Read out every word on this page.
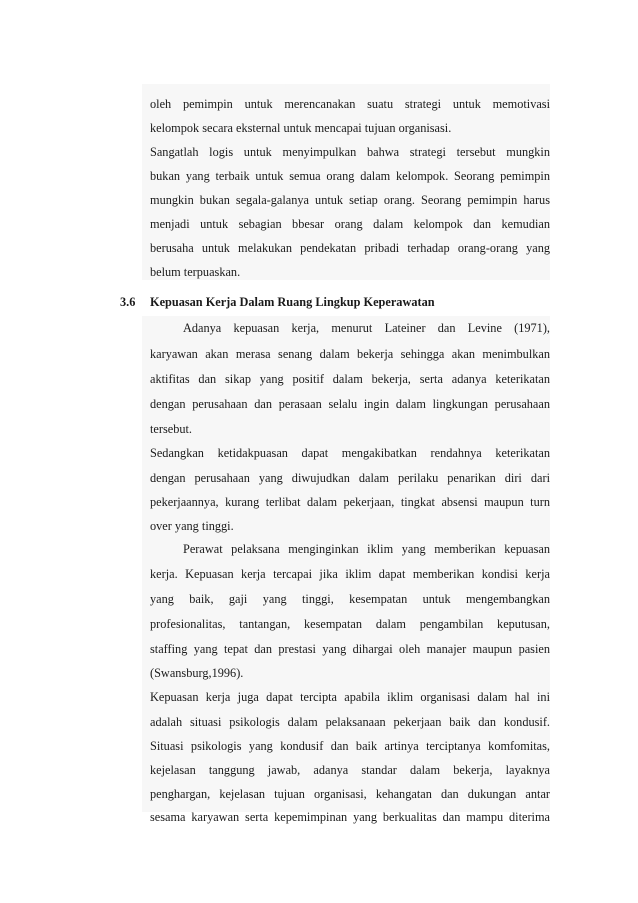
oleh pemimpin untuk merencanakan suatu strategi untuk memotivasi
kelompok secara eksternal untuk mencapai tujuan organisasi.
Sangatlah logis untuk menyimpulkan bahwa strategi tersebut mungkin
bukan yang terbaik untuk semua orang dalam kelompok. Seorang pemimpin
mungkin bukan segala-galanya untuk setiap orang. Seorang pemimpin harus
menjadi untuk sebagian bbesar orang dalam kelompok dan kemudian
berusaha untuk melakukan pendekatan pribadi terhadap orang-orang yang
belum terpuaskan.
3.6 Kepuasan Kerja Dalam Ruang Lingkup Keperawatan
Adanya kepuasan kerja, menurut Lateiner dan Levine (1971),
karyawan akan merasa senang dalam bekerja sehingga akan menimbulkan
aktifitas dan sikap yang positif dalam bekerja, serta adanya keterikatan
dengan perusahaan dan perasaan selalu ingin dalam lingkungan perusahaan
tersebut.
Sedangkan ketidakpuasan dapat mengakibatkan rendahnya keterikatan
dengan perusahaan yang diwujudkan dalam perilaku penarikan diri dari
pekerjaannya, kurang terlibat dalam pekerjaan, tingkat absensi maupun turn
over yang tinggi.
Perawat pelaksana menginginkan iklim yang memberikan kepuasan
kerja. Kepuasan kerja tercapai jika iklim dapat memberikan kondisi kerja
yang baik, gaji yang tinggi, kesempatan untuk mengembangkan
profesionalitas, tantangan, kesempatan dalam pengambilan keputusan,
staffing yang tepat dan prestasi yang dihargai oleh manajer maupun pasien
(Swansburg,1996).
Kepuasan kerja juga dapat tercipta apabila iklim organisasi dalam hal ini
adalah situasi psikologis dalam pelaksanaan pekerjaan baik dan kondusif.
Situasi psikologis yang kondusif dan baik artinya terciptanya komfomitas,
kejelasan tanggung jawab, adanya standar dalam bekerja, layaknya
penghargan, kejelasan tujuan organisasi, kehangatan dan dukungan antar
sesama karyawan serta kepemimpinan yang berkualitas dan mampu diterima
